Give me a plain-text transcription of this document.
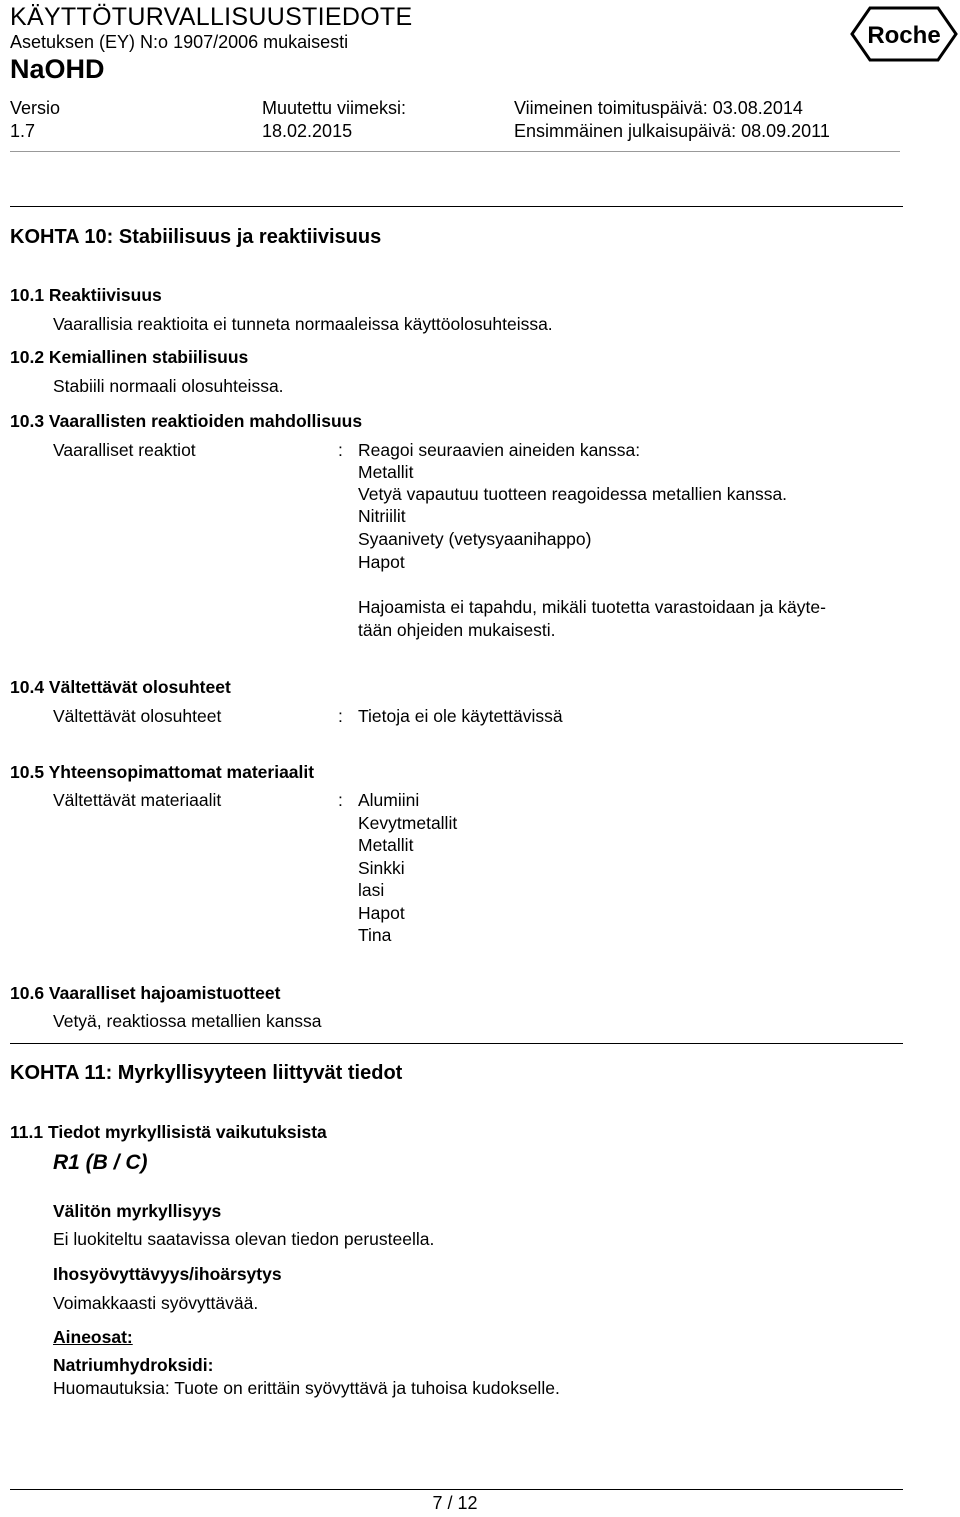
KÄYTTÖTURVALLISUUSTIEDOTE
Asetuksen (EY) N:o 1907/2006 mukaisesti
NaOHD
Roche
Versio
1.7
Muutettu viimeksi:
18.02.2015
Viimeinen toimituspäivä: 03.08.2014
Ensimmäinen julkaisupäivä: 08.09.2011
KOHTA 10: Stabiilisuus ja reaktiivisuus
10.1 Reaktiivisuus
Vaarallisia reaktioita ei tunneta normaaleissa käyttöolosuhteissa.
10.2 Kemiallinen stabiilisuus
Stabiili normaali olosuhteissa.
10.3 Vaarallisten reaktioiden mahdollisuus
Vaaralliset reaktiot	: Reagoi seuraavien aineiden kanssa:
Metallit
Vetyä vapautuu tuotteen reagoidessa metallien kanssa.
Nitriilit
Syaanivety (vetysyaanihappo)
Hapot
Hajoamista ei tapahdu, mikäli tuotetta varastoidaan ja käyte-
tään ohjeiden mukaisesti.
10.4 Vältettävät olosuhteet
Vältettävät olosuhteet	: Tietoja ei ole käytettävissä
10.5 Yhteensopimattomat materiaalit
Vältettävät materiaalit	: Alumiini
Kevytmetallit
Metallit
Sinkki
lasi
Hapot
Tina
10.6 Vaaralliset hajoamistuotteet
Vetyä, reaktiossa metallien kanssa
KOHTA 11: Myrkyllisyyteen liittyvät tiedot
11.1 Tiedot myrkyllisistä vaikutuksista
R1 (B / C)
Välitön myrkyllisyys
Ei luokiteltu saatavissa olevan tiedon perusteella.
Ihosyövyttävyys/ihoärsytys
Voimakkaasti syövyttävää.
Aineosat:
Natriumhydroksidi:
Huomautuksia: Tuote on erittäin syövyttävä ja tuhoisa kudokselle.
7 / 12
